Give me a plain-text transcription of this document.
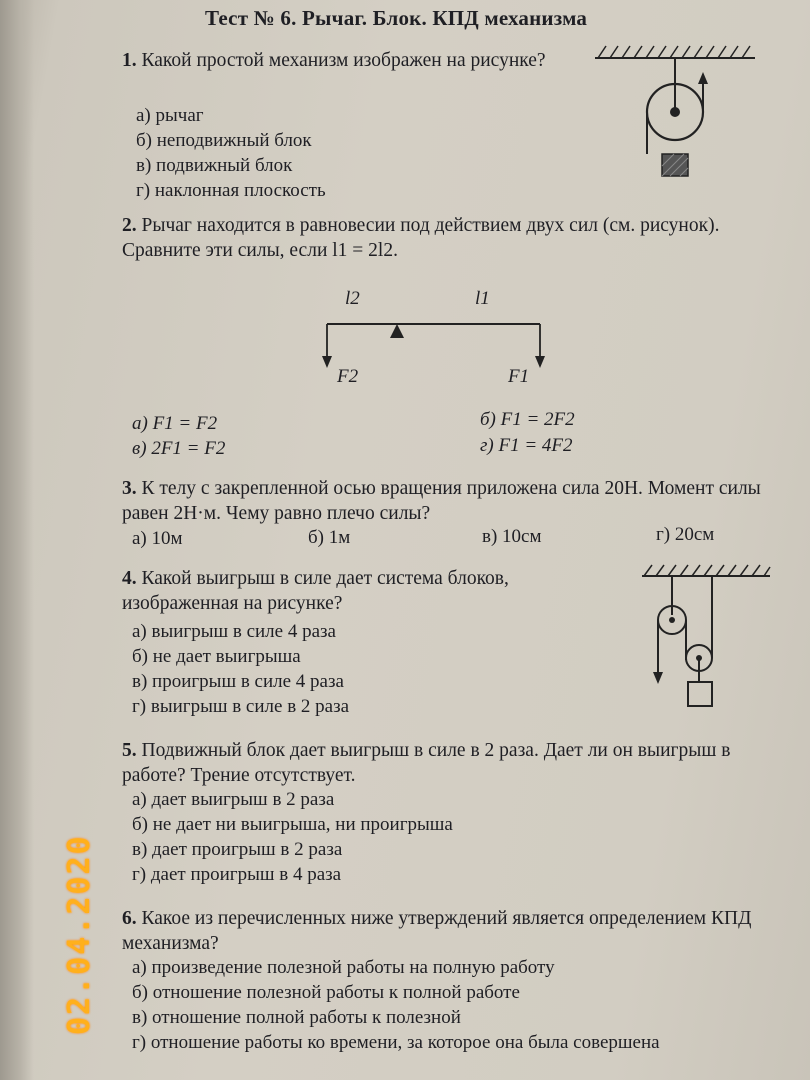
Тест № 6. Рычаг. Блок. КПД механизма
1. Какой простой механизм изображен на рисунке?
а) рычаг
б) неподвижный блок
в) подвижный блок
г) наклонная плоскость
2. Рычаг находится в равновесии под действием двух сил (см. рисунок). Сравните эти силы, если l1 = 2l2.
l2	l1
F2	F1
а) F1 = F2	б) F1 = 2F2
в) 2F1 = F2	г) F1 = 4F2
3. К телу с закрепленной осью вращения приложена сила 20Н. Момент силы равен 2Н·м. Чему равно плечо силы?
а) 10м	б) 1м	в) 10см	г) 20см
4. Какой выигрыш в силе дает система блоков, изображенная на рисунке?
а) выигрыш в силе 4 раза
б) не дает выигрыша
в) проигрыш в силе 4 раза
г) выигрыш в силе в 2 раза
5. Подвижный блок дает выигрыш в силе в 2 раза. Дает ли он выигрыш в работе? Трение отсутствует.
а) дает выигрыш в 2 раза
б) не дает ни выигрыша, ни проигрыша
в) дает проигрыш в 2 раза
г) дает проигрыш в 4 раза
6. Какое из перечисленных ниже утверждений является определением КПД механизма?
а) произведение полезной работы на полную работу
б) отношение полезной работы к полной работе
в) отношение полной работы к полезной
г) отношение работы ко времени, за которое она была совершена
02.04.2020
